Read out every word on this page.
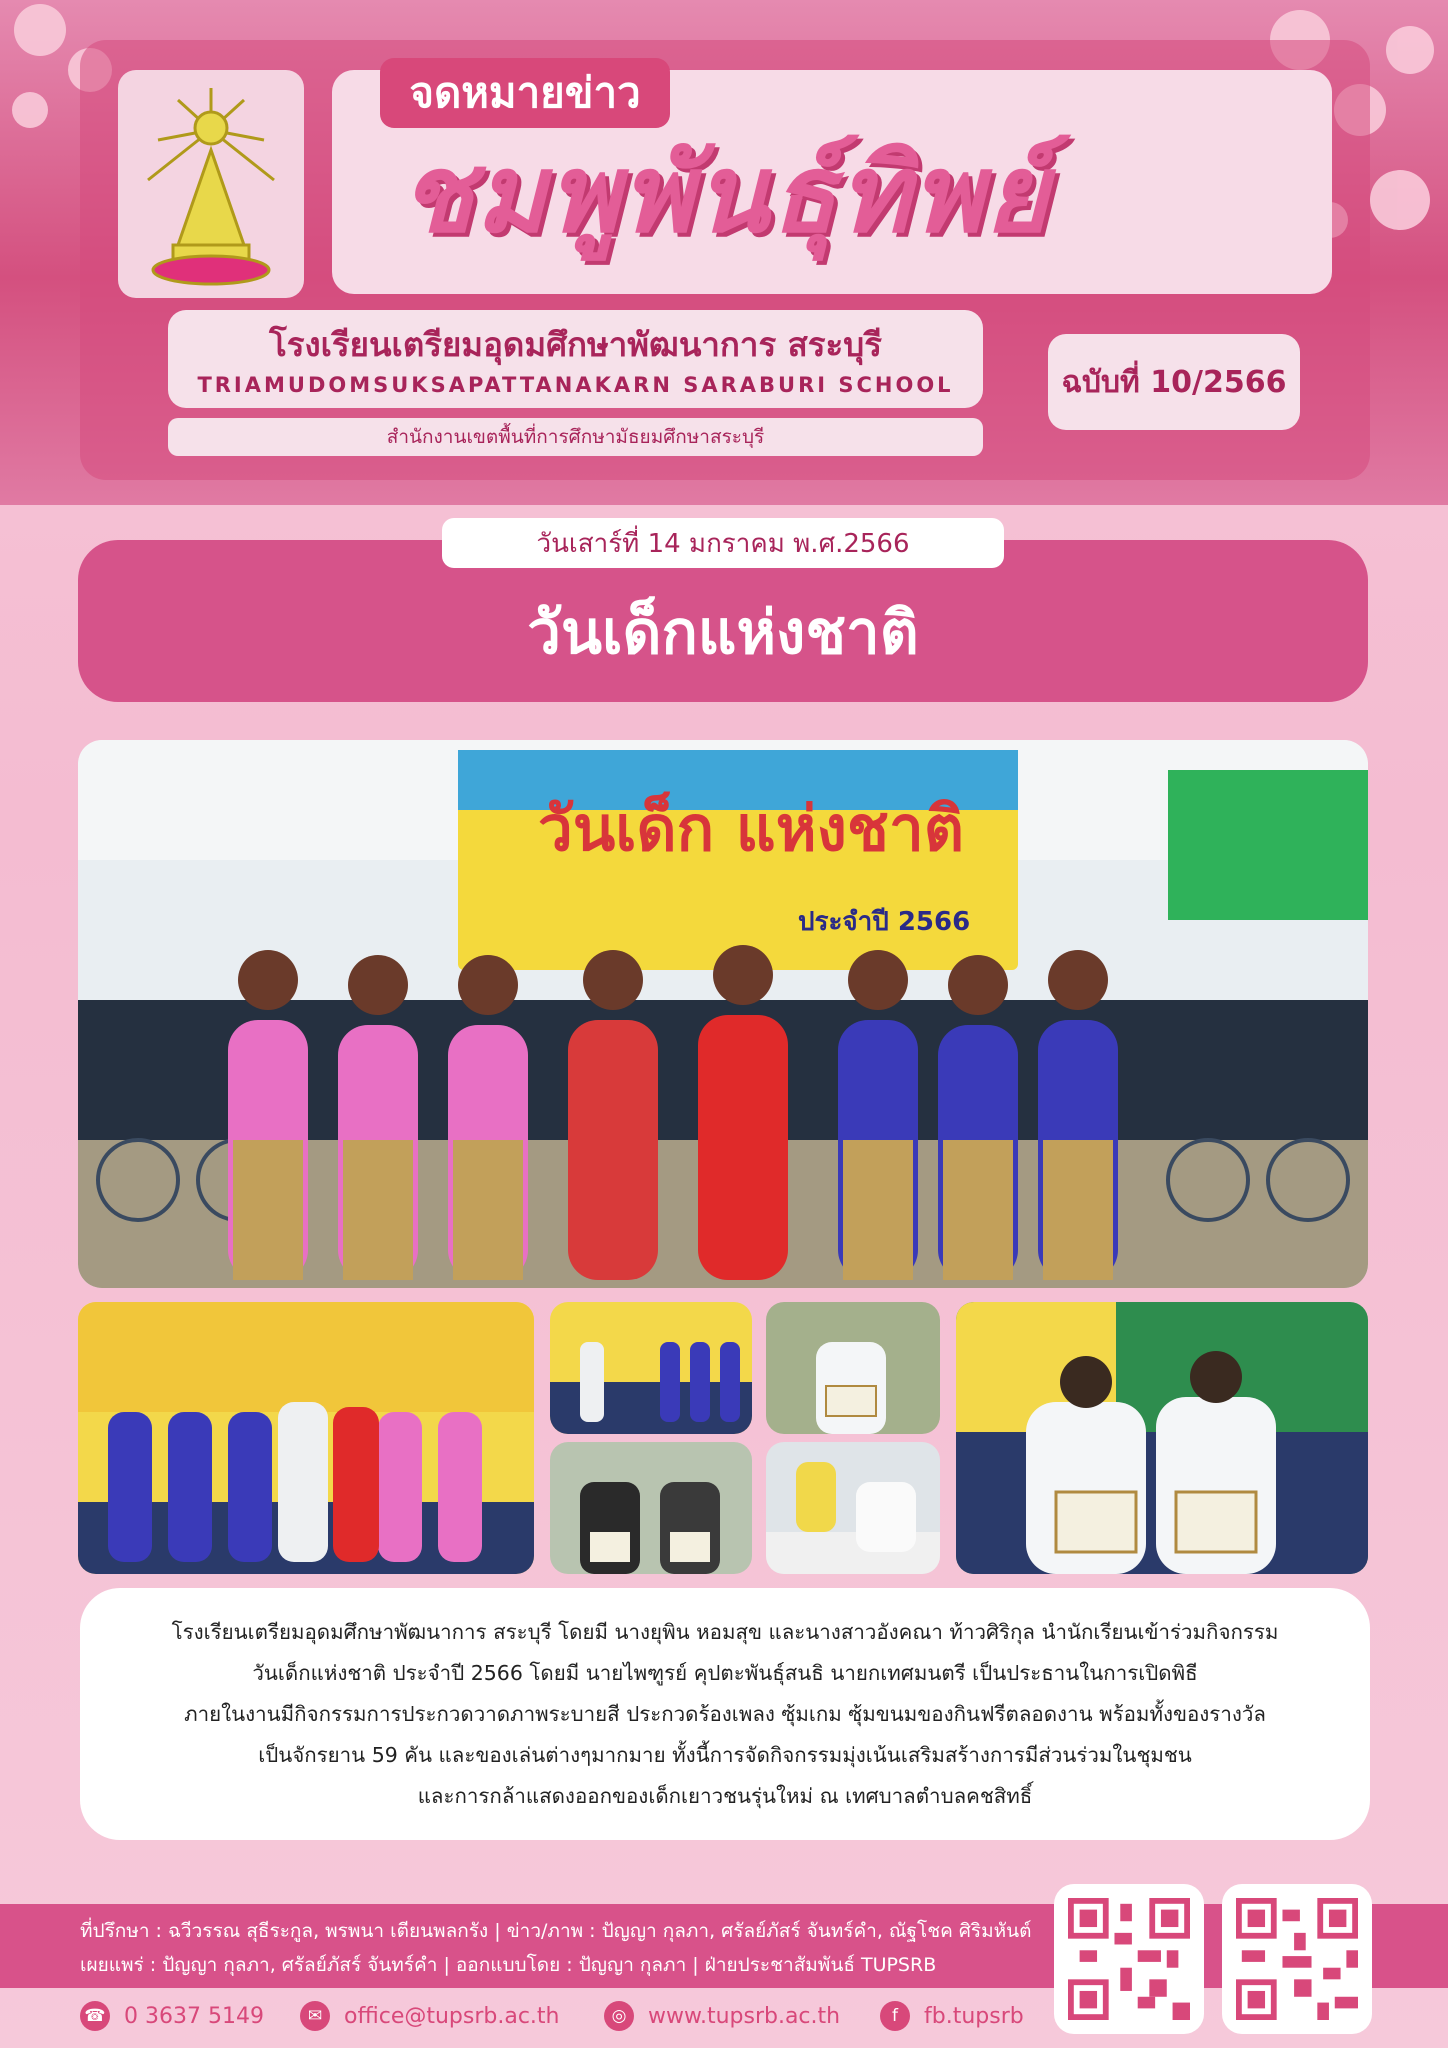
จดหมายข่าว
ชมพูพันธุ์ทิพย์
โรงเรียนเตรียมอุดมศึกษาพัฒนาการ สระบุรี
TRIAMUDOMSUKSAPATTANAKARN SARABURI SCHOOL	ฉบับที่ 10/2566
สำนักงานเขตพื้นที่การศึกษามัธยมศึกษาสระบุรี
วันเด็กแห่งชาติ
วันเสาร์ที่ 14 มกราคม พ.ศ.2566
วันเด็ก แห่งชาติ
ประจำปี 2566
โรงเรียนเตรียมอุดมศึกษาพัฒนาการ สระบุรี โดยมี นางยุพิน หอมสุข และนางสาวอังคณา ท้าวศิริกุล นำนักเรียนเข้าร่วมกิจกรรม
วันเด็กแห่งชาติ ประจำปี 2566 โดยมี นายไพฑูรย์ คุปตะพันธุ์สนธิ นายกเทศมนตรี เป็นประธานในการเปิดพิธี
ภายในงานมีกิจกรรมการประกวดวาดภาพระบายสี ประกวดร้องเพลง ซุ้มเกม ซุ้มขนมของกินฟรีตลอดงาน พร้อมทั้งของรางวัล
เป็นจักรยาน 59 คัน และของเล่นต่างๆมากมาย ทั้งนี้การจัดกิจกรรมมุ่งเน้นเสริมสร้างการมีส่วนร่วมในชุมชน
และการกล้าแสดงออกของเด็กเยาวชนรุ่นใหม่ ณ เทศบาลตำบลคชสิทธิ์
ที่ปรึกษา : ฉวีวรรณ สุธีระกูล, พรพนา เตียนพลกรัง | ข่าว/ภาพ : ปัญญา กุลภา, ศรัลย์ภัสร์ จันทร์คำ, ณัฐโชค ศิริมหันต์
เผยแพร่ : ปัญญา กุลภา, ศรัลย์ภัสร์ จันทร์คำ | ออกแบบโดย : ปัญญา กุลภา | ฝ่ายประชาสัมพันธ์ TUPSRB
☎ 0 3637 5149	✉ office@tupsrb.ac.th	◎ www.tupsrb.ac.th	f	fb.tupsrb
